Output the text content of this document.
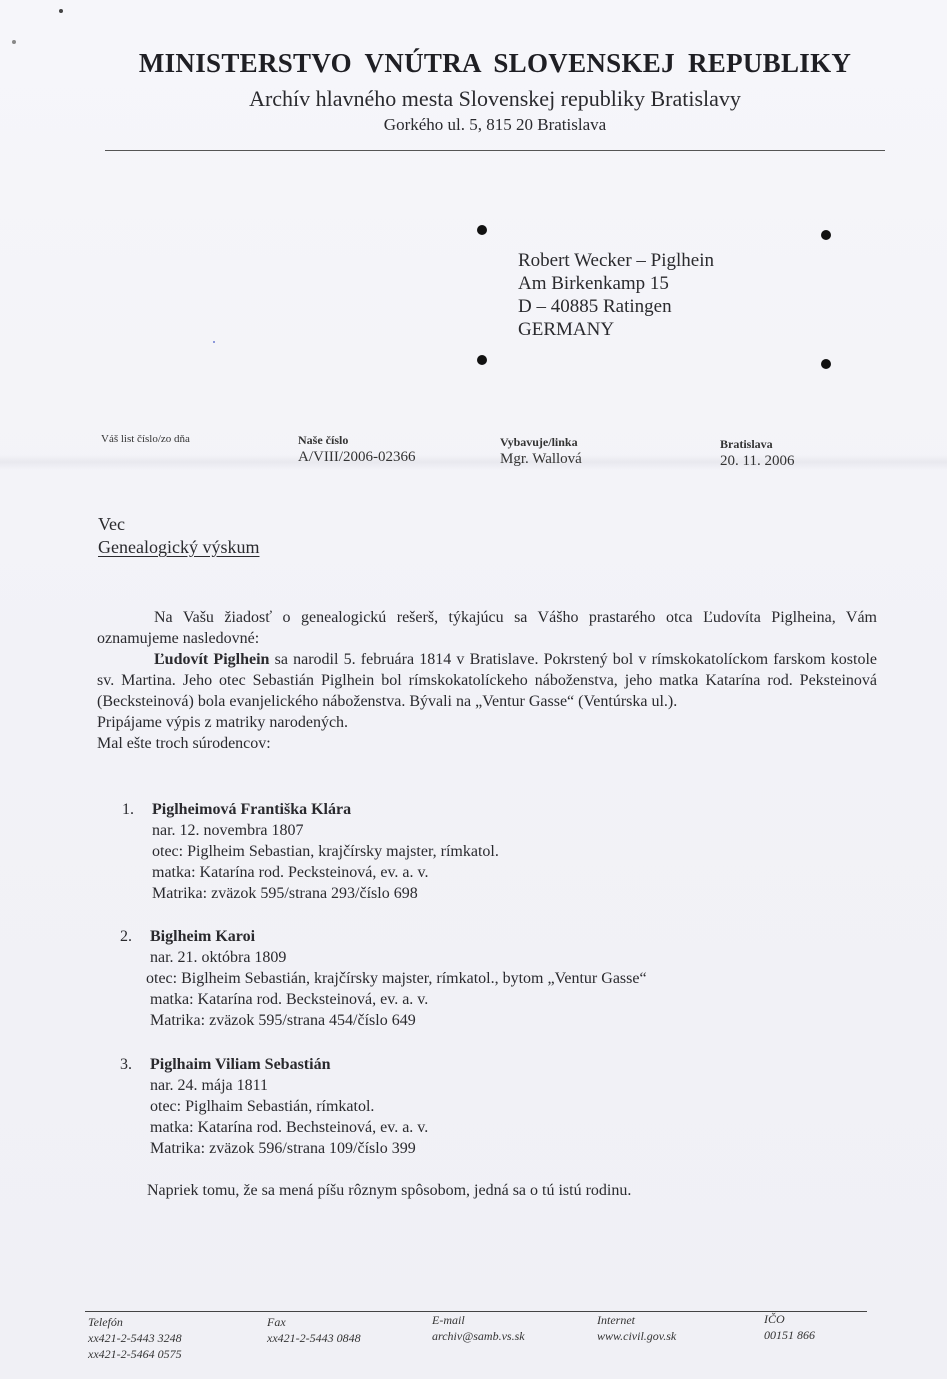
MINISTERSTVO VNÚTRA SLOVENSKEJ REPUBLIKY
Archív hlavného mesta Slovenskej republiky Bratislavy
Gorkého ul. 5, 815 20 Bratislava
Robert Wecker – Piglhein
Am Birkenkamp 15
D – 40885 Ratingen
GERMANY
Váš list číslo/zo dňa	Naše číslo
A/VIII/2006-02366
Vybavuje/linka
Mgr. Wallová
Bratislava
20. 11. 2006
Vec
Genealogický výskum

Na Vašu žiadosť o genealogickú rešerš, týkajúcu sa Vášho prastarého otca Ľudovíta Piglheina, Vám oznamujeme nasledovné:

Ľudovít Piglhein sa narodil 5. februára 1814 v Bratislave. Pokrstený bol v rímskokatolíckom farskom kostole sv. Martina. Jeho otec Sebastián Piglhein bol rímskokatolíckeho náboženstva, jeho matka Katarína rod. Peksteinová (Becksteinová) bola evanjelického náboženstva. Bývali na „Ventur Gasse“ (Ventúrska ul.).

Pripájame výpis z matriky narodených.

Mal ešte troch súrodencov:

1. Piglheimová Františka Klára
nar. 12. novembra 1807
otec: Piglheim Sebastian, krajčírsky majster, rímkatol.
matka: Katarína rod. Pecksteinová, ev. a. v.
Matrika: zväzok 595/strana 293/číslo 698
2. Biglheim Karoi
nar. 21. októbra 1809
otec: Biglheim Sebastián, krajčírsky majster, rímkatol., bytom „Ventur Gasse“
matka: Katarína rod. Becksteinová, ev. a. v.
Matrika: zväzok 595/strana 454/číslo 649
3. Piglhaim Viliam Sebastián
nar. 24. mája 1811
otec: Piglhaim Sebastián, rímkatol.
matka: Katarína rod. Bechsteinová, ev. a. v.
Matrika: zväzok 596/strana 109/číslo 399
Napriek tomu, že sa mená píšu rôznym spôsobom, jedná sa o tú istú rodinu.
Telefón
xx421-2-5443 3248
xx421-2-5464 0575
Fax
xx421-2-5443 0848
E-mail
archiv@samb.vs.sk
Internet
www.civil.gov.sk
IČO
00151 866
